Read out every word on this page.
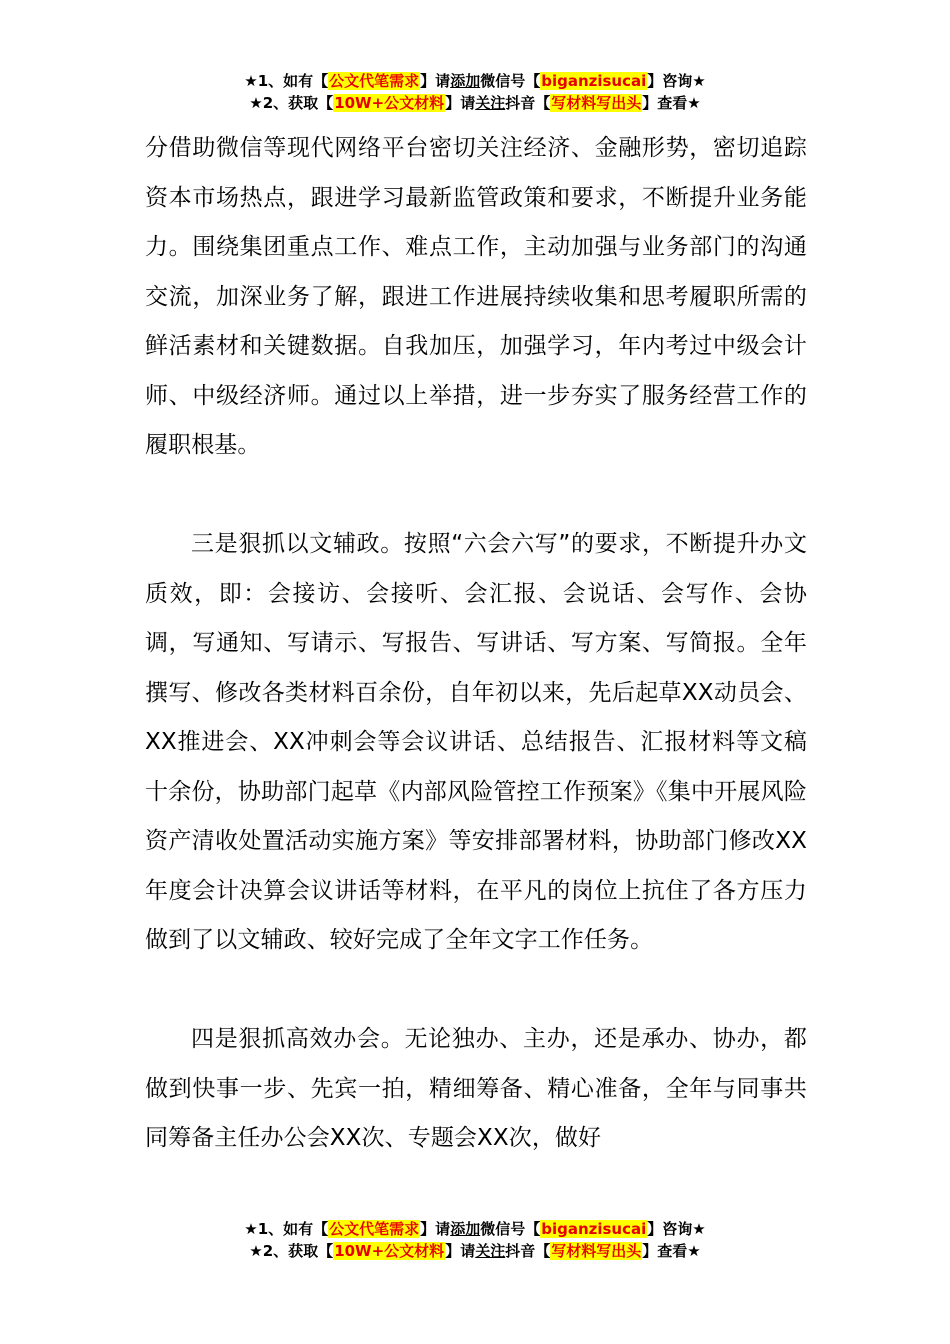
★1、如有【公文代笔需求】请添加微信号【biganzisucai】咨询★
★2、获取【10W+公文材料】请关注抖音【写材料写出头】查看★

分借助微信等现代网络平台密切关注经济、金融形势，密切追踪资本市场热点，跟进学习最新监管政策和要求，不断提升业务能力。围绕集团重点工作、难点工作，主动加强与业务部门的沟通交流，加深业务了解，跟进工作进展持续收集和思考履职所需的鲜活素材和关键数据。自我加压，加强学习，年内考过中级会计师、中级经济师。通过以上举措，进一步夯实了服务经营工作的履职根基。

三是狠抓以文辅政。按照“六会六写”的要求，不断提升办文质效，即：会接访、会接听、会汇报、会说话、会写作、会协调，写通知、写请示、写报告、写讲话、写方案、写简报。全年撰写、修改各类材料百余份，自年初以来，先后起草XX动员会、XX推进会、XX冲刺会等会议讲话、总结报告、汇报材料等文稿十余份，协助部门起草《内部风险管控工作预案》《集中开展风险资产清收处置活动实施方案》等安排部署材料，协助部门修改XX年度会计决算会议讲话等材料，在平凡的岗位上抗住了各方压力做到了以文辅政、较好完成了全年文字工作任务。

四是狠抓高效办会。无论独办、主办，还是承办、协办，都做到快事一步、先宾一拍，精细筹备、精心准备，全年与同事共同筹备主任办公会XX次、专题会XX次，做好

★1、如有【公文代笔需求】请添加微信号【biganzisucai】咨询★
★2、获取【10W+公文材料】请关注抖音【写材料写出头】查看★
